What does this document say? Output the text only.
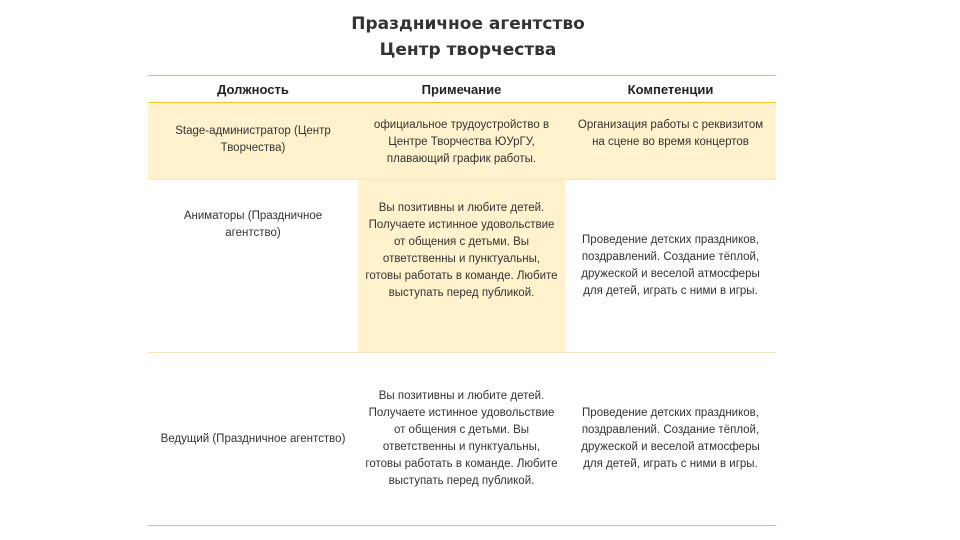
Праздничное агентство
Центр творчества
Должность	Примечание	Компетенции
Stage-администратор (Центр Творчества)
официальное трудоустройство в Центре Творчества ЮУрГУ, плавающий график работы.
Организация работы с реквизитом на сцене во время концертов
Аниматоры (Праздничное агентство)
Вы позитивны и любите детей. Получаете истинное удовольствие от общения с детьми. Вы ответственны и пунктуальны, готовы работать в команде. Любите выступать перед публикой.
Проведение детских праздников, поздравлений. Создание тёплой, дружеской и веселой атмосферы для детей, играть с ними в игры.
Ведущий (Праздничное агентство)
Вы позитивны и любите детей. Получаете истинное удовольствие от общения с детьми. Вы ответственны и пунктуальны, готовы работать в команде. Любите выступать перед публикой.
Проведение детских праздников, поздравлений. Создание тёплой, дружеской и веселой атмосферы для детей, играть с ними в игры.
